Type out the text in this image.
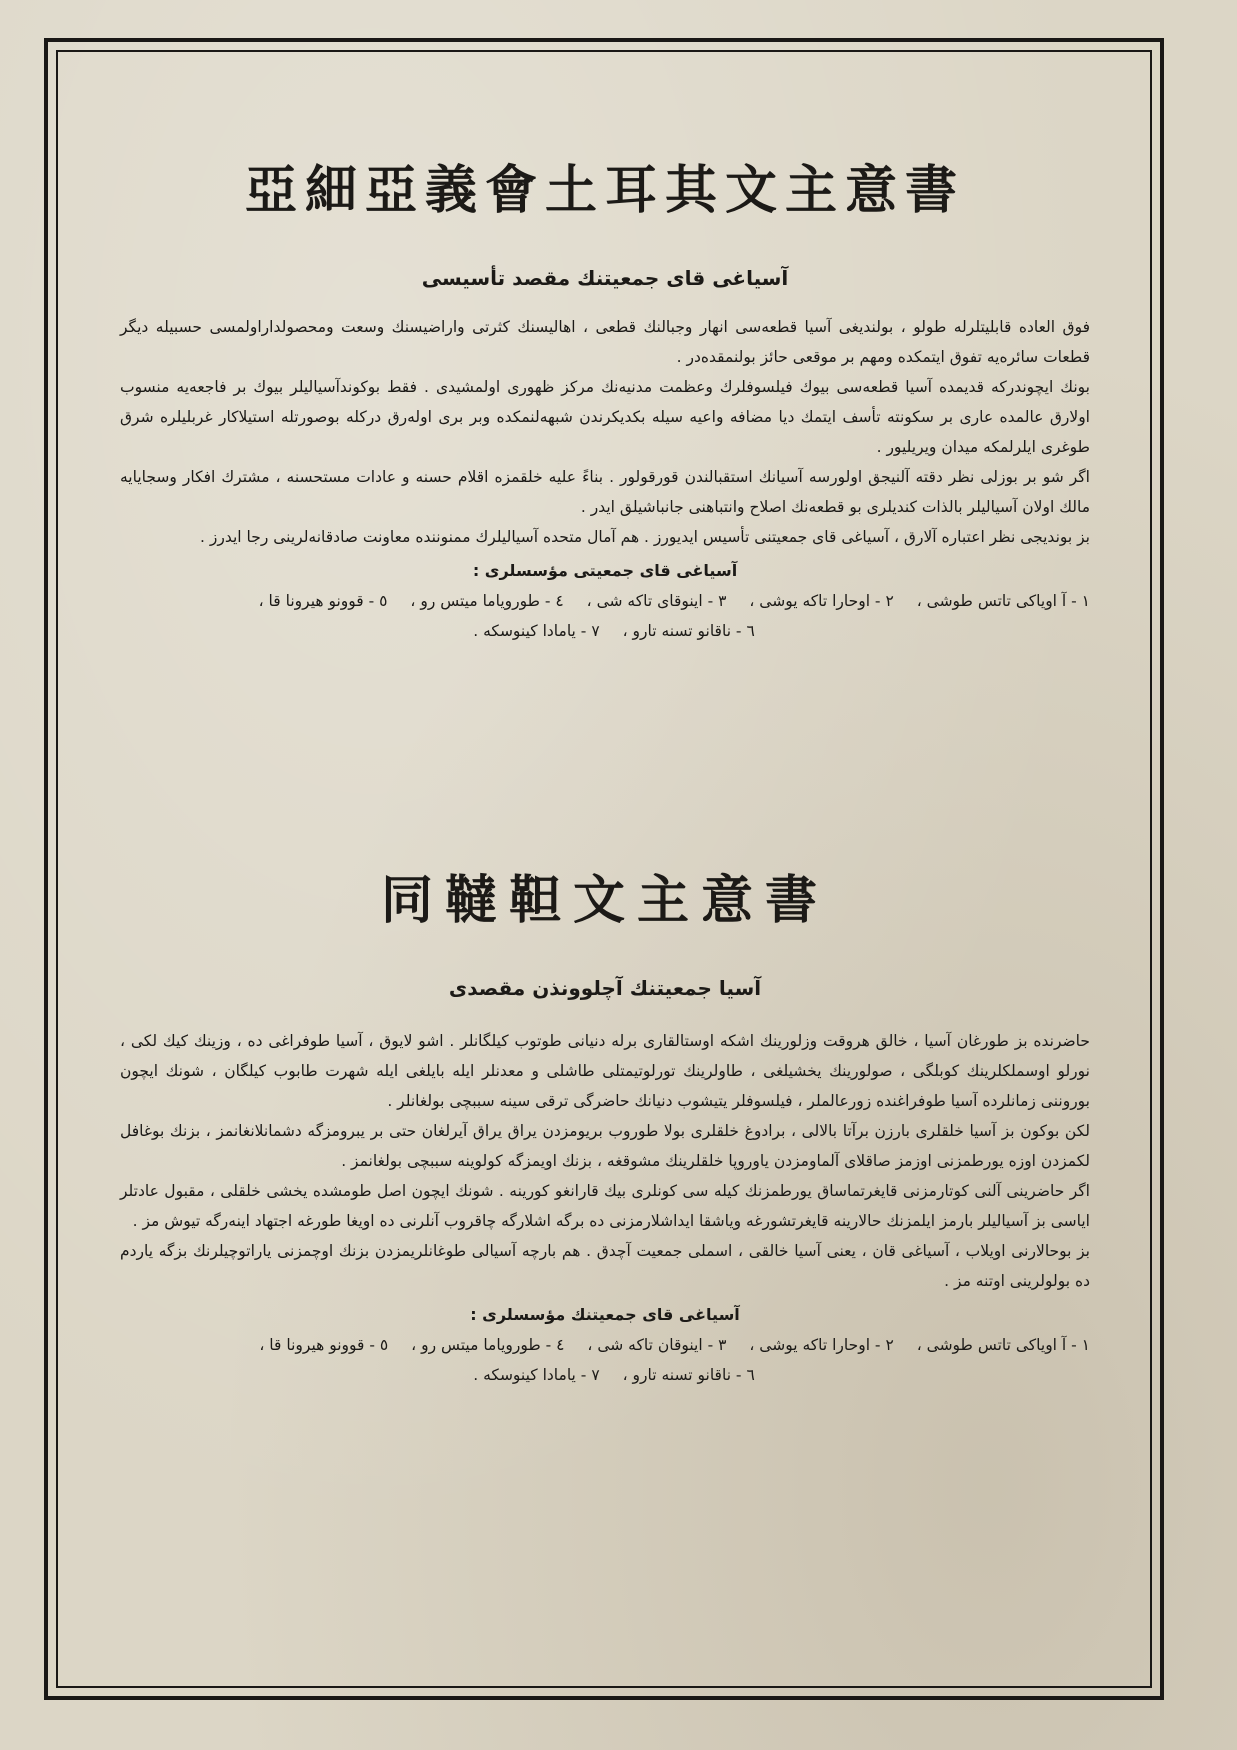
亞細亞義會土耳其文主意書
آسیاغی قای جمعیتنك مقصد تأسیسی

فوق العاده قابلیتلرله طولو ، بولندیغی آسیا قطعه‌سی انهار وجبالنك قطعی ، اهالیسنك كثرتی واراضیسنك وسعت ومحصولداراولمسی حسبیله دیگر قطعات سائره‌یه تفوق ایتمكده ومهم بر موقعی حائز بولنمقده‌در .

بونك ایچوندركه قدیمده آسیا قطعه‌سی بیوك فیلسوفلرك وعظمت مدنیه‌نك مركز ظهوری اولمشیدی . فقط بوكوندآسیالیلر بیوك بر فاجعه‌یه منسوب اولارق عالمده عاری بر سكونته تأسف ایتمك دیا مضافه واعیه سیله بكدیكرندن شبهه‌لنمكده وبر بری اوله‌رق دركله بوصورتله استیلاكار غربلیلره شرق طوغری ایلرلمكه میدان ویریلیور .

اگر شو بر بوزلی نظر دقته آلنیجق اولورسه آسیانك استقبالندن قورقولور . بناءً علیه خلقمزه‌ اقلام حسنه و عادات مستحسنه ، مشترك افكار وسجایایه مالك اولان آسیالیلر بالذات كندیلری بو قطعه‌نك اصلاح وانتباهنی جانباشیلق ایدر .

بز بوندیجی نظر اعتباره آلارق ، آسیاغی قای جمعیتنی تأسیس ایدیورز . هم آمال متحده آسیالیلرك ممنوننده معاونت صادقانه‌لرینی رجا ایدرز .

آسیاغی قای جمعیتی مؤسسلری :
١ - آ اویاكی تاتس طوشی ، ٢ - اوحارا تاكه یوشی ، ٣ - اینوقای تاكه شی ، ٤ - طورویاما میتس رو ، ٥ - قوونو هیرونا قا ،
٦ - ناقانو تسنه تارو ، ٧ - یامادا كینوسكه .
同韃靼文主意書
آسیا جمعیتنك آچلوونذن مقصدی

حاضرنده بز طورغان آسیا ، خالق هروقت وزلورینك اشكه اوستالقاری برله دنیانی طوتوب كیلگانلر . اشو لایوق ، آسیا طوفراغی ده ، وزینك كیك لكی ، نورلو اوسملكلرینك كوبلگی ، صولورینك یخشیلغی ، طاولرینك تورلوتیمتلی طاشلی و معدنلر ایله بایلغی ایله شهرت طابوب كیلگان ، شونك ایچون بوروننی زمانلرده آسیا طوفراغنده زورعالملر ، فیلسوفلر یتیشوب دنیانك حاضرگی ترقی سینه سببچی بولغانلر .

لكن بوكون بز آسیا خلقلری بارزن برآتا بالالی ، برادوغ خلقلری بولا طوروب بریومزدن یراق یراق آیرلغان حتی بر یبرومزگه دشمانلانغانمز ، بزنك بوغافل لكمزدن اوزه یورطمزنی اوزمز صاقلای آلماومزدن یاوروپا خلقلرینك مشوقغه ، بزنك اویمزگه كولوینه سببچی بولغانمز .

اگر حاضرینی آلنی كوتارمزنی قایغرتماساق یورطمزنك كیله سی كونلری بیك قارانغو كورینه . شونك ایچون اصل طومشده یخشی خلقلی ، مقبول عادتلر ایاسی بز آسیالیلر بارمز ایلمزنك حالارینه قایغرتشورغه ویاشقا ایداشلارمزنی ده برگه اشلارگه چاقروب آنلرنی ده اویغا طورغه اجتهاد اینه‌رگه تیوش مز .

بز بوحالارنی اویلاب ، آسیاغی قان ، یعنی آسیا خالقی ، اسملی جمعیت آچدق . هم بارچه آسیالی طوغانلریمزدن بزنك اوچمزنی یاراتوچیلرنك بزگه یاردم ده بولولرینی اوتنه مز .

آسیاغی قای جمعیتنك مؤسسلری :
١ - آ اویاكی تاتس طوشی ، ٢ - اوحارا تاكه یوشی ، ٣ - اینوقان تاكه شی ، ٤ - طورویاما میتس رو ، ٥ - قوونو هیرونا قا ،
٦ - ناقانو تسنه تارو ، ٧ - یامادا كینوسكه .
